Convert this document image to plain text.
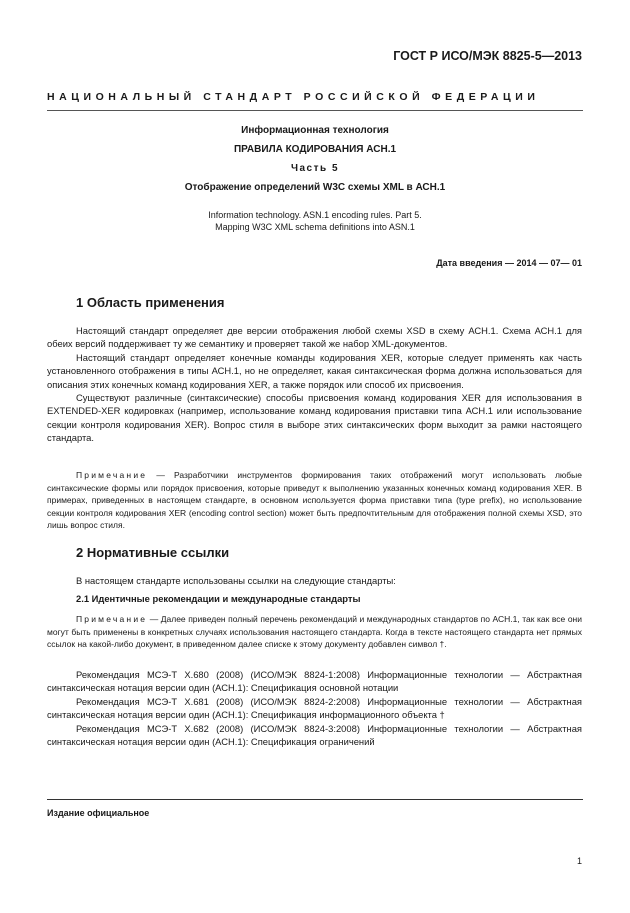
ГОСТ Р ИСО/МЭК 8825-5—2013
НАЦИОНАЛЬНЫЙ СТАНДАРТ РОССИЙСКОЙ ФЕДЕРАЦИИ
Информационная технология
ПРАВИЛА КОДИРОВАНИЯ АСН.1
Часть 5
Отображение определений W3C схемы XML в АСН.1
Information technology. ASN.1 encoding rules. Part 5.
Mapping W3C XML schema definitions into ASN.1
Дата введения — 2014 — 07— 01
1 Область применения

Настоящий стандарт определяет две версии отображения любой схемы XSD в схему АСН.1. Схема АСН.1 для обеих версий поддерживает ту же семантику и проверяет такой же набор XML-документов.

Настоящий стандарт определяет конечные команды кодирования XER, которые следует применять как часть установленного отображения в типы АСН.1, но не определяет, какая синтаксическая форма должна использоваться для описания этих конечных команд кодирования XER, а также порядок или способ их присвоения.

Существуют различные (синтаксические) способы присвоения команд кодирования XER для использования в EXTENDED-XER кодировках (например, использование команд кодирования приставки типа АСН.1 или использование секции контроля кодирования XER). Вопрос стиля в выборе этих синтаксических форм выходит за рамки настоящего стандарта.

Примечание — Разработчики инструментов формирования таких отображений могут использовать любые синтаксические формы или порядок присвоения, которые приведут к выполнению указанных конечных команд кодирования XER. В примерах, приведенных в настоящем стандарте, в основном используется форма приставки типа (type prefix), но использование секции контроля кодирования XER (encoding control section) может быть предпочтительным для отображения полной схемы XSD, это лишь вопрос стиля.

2 Нормативные ссылки

В настоящем стандарте использованы ссылки на следующие стандарты:

2.1 Идентичные рекомендации и международные стандарты

Примечание — Далее приведен полный перечень рекомендаций и международных стандартов по АСН.1, так как все они могут быть применены в конкретных случаях использования настоящего стандарта. Когда в тексте настоящего стандарта нет прямых ссылок на какой-либо документ, в приведенном далее списке к этому документу добавлен символ †.

Рекомендация МСЭ-Т Х.680 (2008) (ИСО/МЭК 8824-1:2008) Информационные технологии — Абстрактная синтаксическая нотация версии один (АСН.1): Спецификация основной нотации

Рекомендация МСЭ-Т Х.681 (2008) (ИСО/МЭК 8824-2:2008) Информационные технологии — Абстрактная синтаксическая нотация версии один (АСН.1): Спецификация информационного объекта †

Рекомендация МСЭ-Т Х.682 (2008) (ИСО/МЭК 8824-3:2008) Информационные технологии — Абстрактная синтаксическая нотация версии один (АСН.1): Спецификация ограничений

Издание официальное
1
